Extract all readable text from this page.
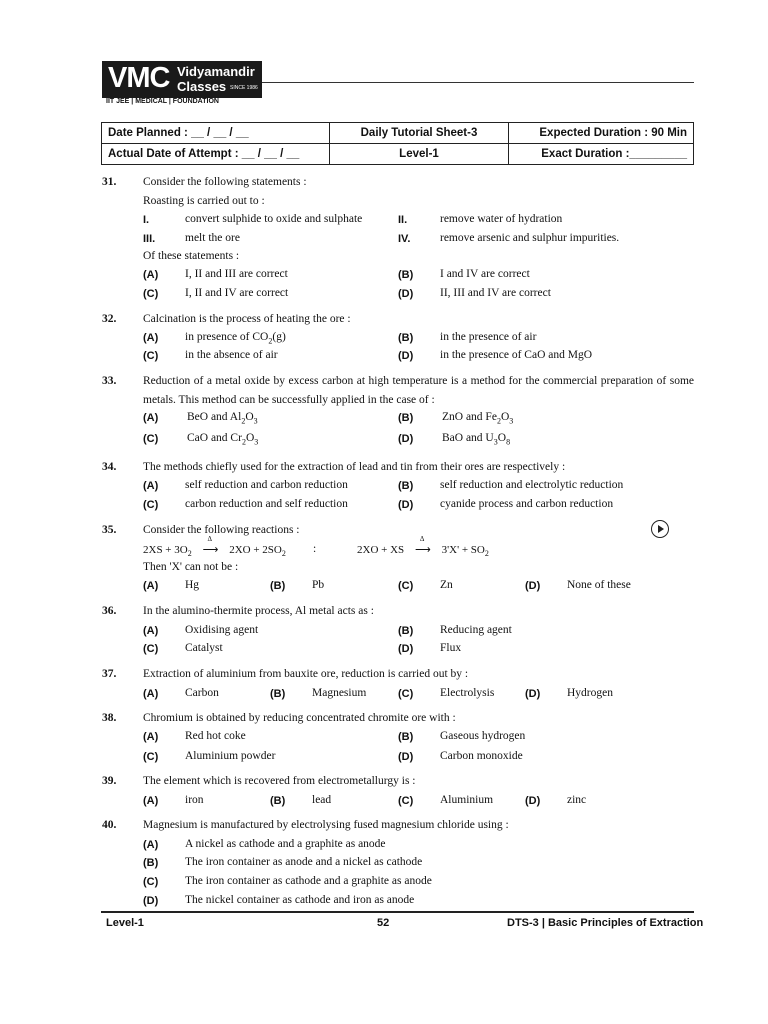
VMC Vidyamandir
Classes SINCE 1986
IIT JEE | MEDICAL | FOUNDATION
Date Planned : __ / __ / __	Daily Tutorial Sheet-3	Expected Duration : 90 Min
Actual Date of Attempt : __ / __ / __	Level-1	Exact Duration :_________
31. Consider the following statements :
Roasting is carried out to :
I.	convert sulphide to oxide and sulphate	II.	remove water of hydration
III.	melt the ore	IV.	remove arsenic and sulphur impurities.
Of these statements :
(A) I, II and III are correct	(B) I and IV are correct
(C) I, II and IV are correct	(D) II, III and IV are correct
32. Calcination is the process of heating the ore :
(A) in presence of $CO_2(g)$	(B) in the presence of air
(C) in the absence of air	(D) in the presence of CaO and MgO
33. Reduction of a metal oxide by excess carbon at high temperature is a method for the commercial preparation of some metals. This method can be successfully applied in the case of :
(A) BeO and $Al_2O_3$	(B) ZnO and $Fe_2O_3$
(C) CaO and $Cr_2O_3$	(D) BaO and $U_3O_8$
34. The methods chiefly used for the extraction of lead and tin from their ores are respectively :
(A) self reduction and carbon reduction	(B) self reduction and electrolytic reduction
(C) carbon reduction and self reduction	(D) cyanide process and carbon reduction
35. Consider the following reactions :
$2XS + 3O_2$ ⟶
Δ
$2XO + 2SO_2$ :	2XO + XS ⟶
Δ
$3'X' + SO_2$
Then 'X' can not be :
(A) Hg	(B) Pb	(C) Zn	(D) None of these
36. In the alumino-thermite process, Al metal acts as :
(A) Oxidising agent	(B) Reducing agent
(C) Catalyst	(D) Flux
37. Extraction of aluminium from bauxite ore, reduction is carried out by :
(A) Carbon	(B) Magnesium	(C) Electrolysis	(D) Hydrogen
38. Chromium is obtained by reducing concentrated chromite ore with :
(A) Red hot coke	(B) Gaseous hydrogen
(C) Aluminium powder	(D) Carbon monoxide
39. The element which is recovered from electrometallurgy is :
(A) iron	(B) lead	(C) Aluminium	(D) zinc
40. Magnesium is manufactured by electrolysing fused magnesium chloride using :
(A) A nickel as cathode and a graphite as anode
(B) The iron container as anode and a nickel as cathode
(C) The iron container as cathode and a graphite as anode
(D) The nickel container as cathode and iron as anode
Level-1	52	DTS-3 | Basic Principles of Extraction
